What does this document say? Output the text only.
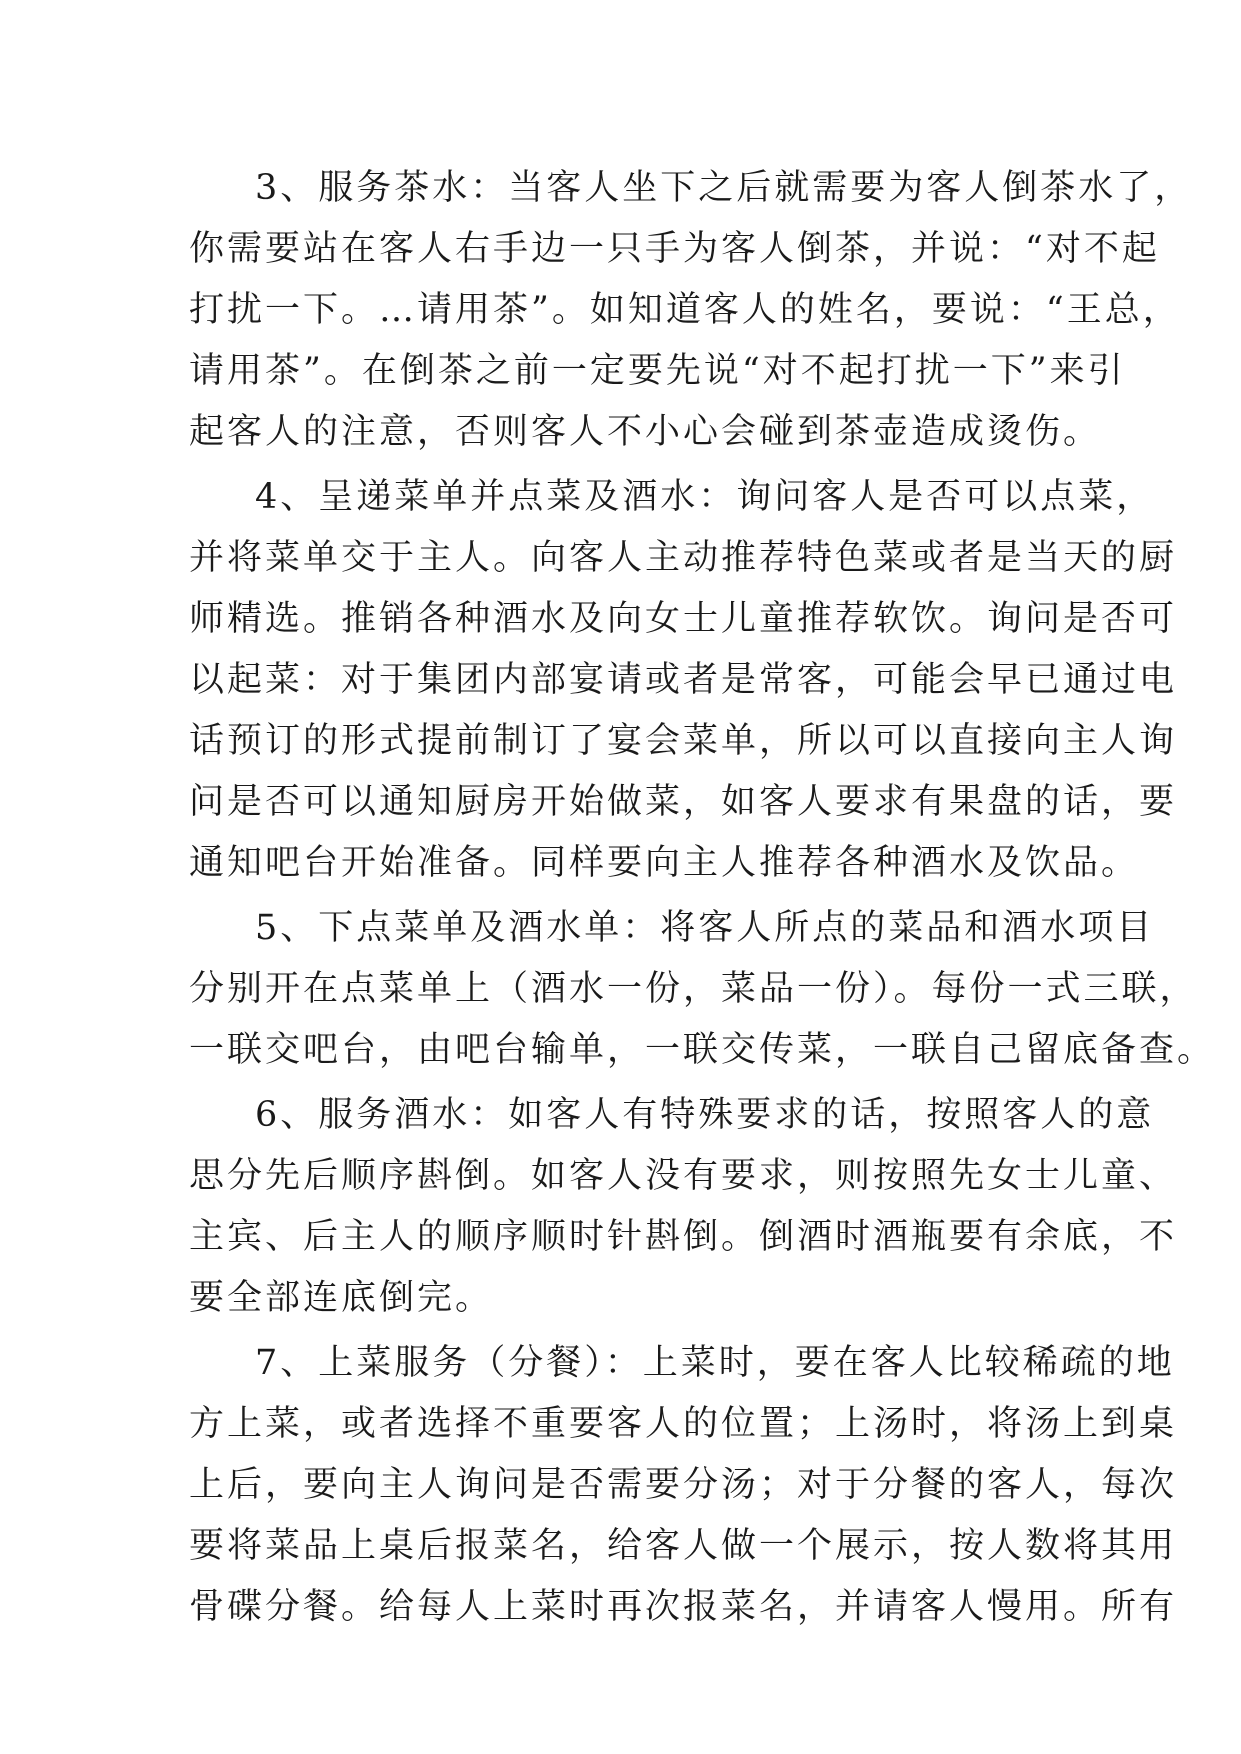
3、服务茶水：当客人坐下之后就需要为客人倒茶水了，
你需要站在客人右手边一只手为客人倒茶，并说：“对不起
打扰一下。…请用茶”。如知道客人的姓名，要说：“王总，
请用茶”。在倒茶之前一定要先说“对不起打扰一下”来引
起客人的注意，否则客人不小心会碰到茶壶造成烫伤。
4、呈递菜单并点菜及酒水：询问客人是否可以点菜，
并将菜单交于主人。向客人主动推荐特色菜或者是当天的厨
师精选。推销各种酒水及向女士儿童推荐软饮。询问是否可
以起菜：对于集团内部宴请或者是常客，可能会早已通过电
话预订的形式提前制订了宴会菜单，所以可以直接向主人询
问是否可以通知厨房开始做菜，如客人要求有果盘的话，要
通知吧台开始准备。同样要向主人推荐各种酒水及饮品。
5、下点菜单及酒水单：将客人所点的菜品和酒水项目
分别开在点菜单上（酒水一份，菜品一份）。每份一式三联，
一联交吧台，由吧台输单，一联交传菜，一联自己留底备查。
6、服务酒水：如客人有特殊要求的话，按照客人的意
思分先后顺序斟倒。如客人没有要求，则按照先女士儿童、
主宾、后主人的顺序顺时针斟倒。倒酒时酒瓶要有余底，不
要全部连底倒完。
7、上菜服务（分餐）：上菜时，要在客人比较稀疏的地
方上菜，或者选择不重要客人的位置；上汤时，将汤上到桌
上后，要向主人询问是否需要分汤；对于分餐的客人，每次
要将菜品上桌后报菜名，给客人做一个展示，按人数将其用
骨碟分餐。给每人上菜时再次报菜名，并请客人慢用。所有
